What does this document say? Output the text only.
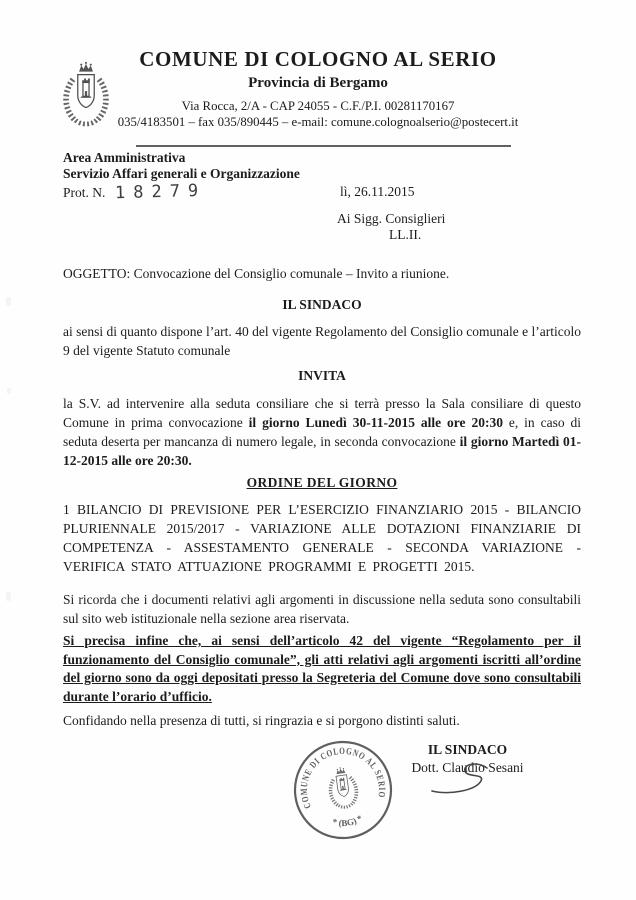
COMUNE DI COLOGNO AL SERIO
Provincia di Bergamo
Via Rocca, 2/A - CAP 24055 - C.F./P.I. 00281170167
035/4183501 – fax 035/890445 – e-mail: comune.colognoalserio@postecert.it
Area Amministrativa
Servizio Affari generali e Organizzazione
Prot. N. 18279	lì, 26.11.2015
Ai Sigg. Consiglieri
LL.II.

OGGETTO: Convocazione del Consiglio comunale – Invito a riunione.

IL SINDACO

ai sensi di quanto dispone l’art. 40 del vigente Regolamento del Consiglio comunale e l’articolo 9 del vigente Statuto comunale

INVITA

la S.V. ad intervenire alla seduta consiliare che si terrà presso la Sala consiliare di questo Comune in prima convocazione il giorno Lunedì 30-11-2015 alle ore 20:30 e, in caso di seduta deserta per mancanza di numero legale, in seconda convocazione il giorno Martedì 01-12-2015 alle ore 20:30.

ORDINE DEL GIORNO

1 BILANCIO DI PREVISIONE PER L’ESERCIZIO FINANZIARIO 2015 - BILANCIO PLURIENNALE 2015/2017 - VARIAZIONE ALLE DOTAZIONI FINANZIARIE DI COMPETENZA - ASSESTAMENTO GENERALE - SECONDA VARIAZIONE - VERIFICA STATO ATTUAZIONE PROGRAMMI E PROGETTI 2015.

Si ricorda che i documenti relativi agli argomenti in discussione nella seduta sono consultabili sul sito web istituzionale nella sezione area riservata.

Si precisa infine che, ai sensi dell’articolo 42 del vigente “Regolamento per il funzionamento del Consiglio comunale”, gli atti relativi agli argomenti iscritti all’ordine del giorno sono da oggi depositati presso la Segreteria del Comune dove sono consultabili durante l’orario d’ufficio.

Confidando nella presenza di tutti, si ringrazia e si porgono distinti saluti.

COMUNE DI COLOGNO AL SERIO
* (BG) *
IL SINDACO
Dott. Claudio Sesani
